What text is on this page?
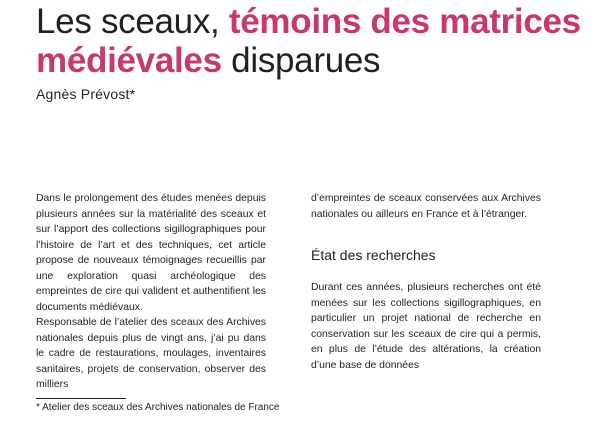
Les sceaux, témoins des matrices médiévales disparues
Agnès Prévost*

Dans le prolongement des études menées depuis plusieurs années sur la matérialité des sceaux et sur l’apport des collections sigillographiques pour l’histoire de l’art et des techniques, cet article propose de nouveaux témoignages recueillis par une exploration quasi archéologique des empreintes de cire qui valident et authentifient les documents médiévaux.

Responsable de l’atelier des sceaux des Archives nationales depuis plus de vingt ans, j’ai pu dans le cadre de restaurations, moulages, inventaires sanitaires, projets de conservation, observer des milliers

d’empreintes de sceaux conservées aux Archives nationales ou ailleurs en France et à l’étranger.

État des recherches

Durant ces années, plusieurs recherches ont été menées sur les collections sigillographiques, en particulier un projet national de recherche en conservation sur les sceaux de cire qui a permis, en plus de l’étude des altérations, la création d’une base de données

* Atelier des sceaux des Archives nationales de France
